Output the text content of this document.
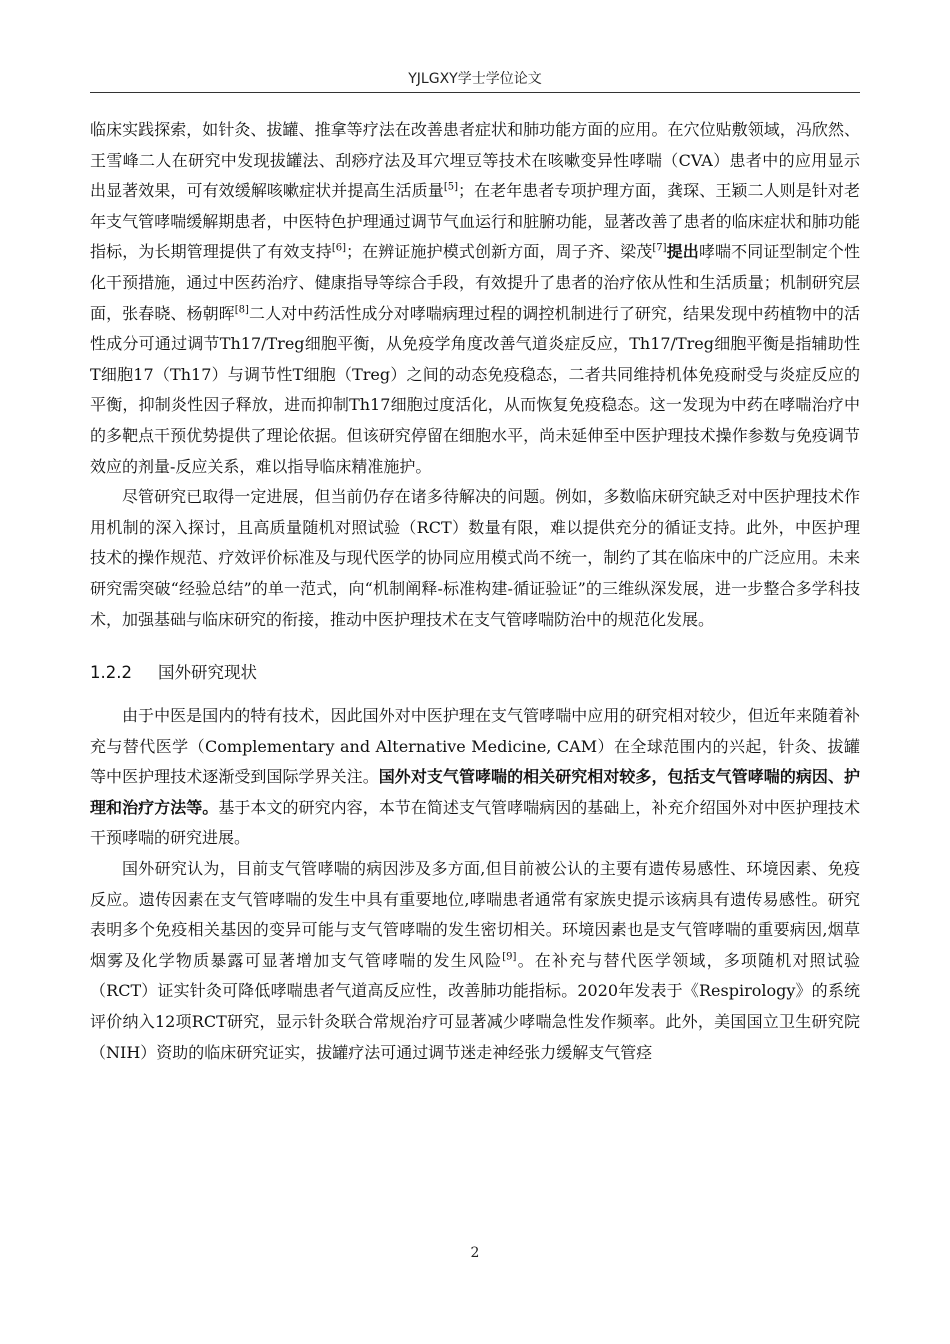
YJLGXY学士学位论文

临床实践探索，如针灸、拔罐、推拿等疗法在改善患者症状和肺功能方面的应用。在穴位贴敷领域，冯欣然、王雪峰二人在研究中发现拔罐法、刮痧疗法及耳穴埋豆等技术在咳嗽变异性哮喘（CVA）患者中的应用显示出显著效果，可有效缓解咳嗽症状并提高生活质量[5]；在老年患者专项护理方面，龚琛、王颖二人则是针对老年支气管哮喘缓解期患者，中医特色护理通过调节气血运行和脏腑功能，显著改善了患者的临床症状和肺功能指标，为长期管理提供了有效支持[6]；在辨证施护模式创新方面，周子齐、梁茂[7]提出哮喘不同证型制定个性化干预措施，通过中医药治疗、健康指导等综合手段，有效提升了患者的治疗依从性和生活质量；机制研究层面，张春晓、杨朝晖[8]二人对中药活性成分对哮喘病理过程的调控机制进行了研究，结果发现中药植物中的活性成分可通过调节Th17/Treg细胞平衡，从免疫学角度改善气道炎症反应，Th17/Treg细胞平衡是指辅助性T细胞17（Th17）与调节性T细胞（Treg）之间的动态免疫稳态，二者共同维持机体免疫耐受与炎症反应的平衡，抑制炎性因子释放，进而抑制Th17细胞过度活化，从而恢复免疫稳态。这一发现为中药在哮喘治疗中的多靶点干预优势提供了理论依据。但该研究停留在细胞水平，尚未延伸至中医护理技术操作参数与免疫调节效应的剂量-反应关系，难以指导临床精准施护。

尽管研究已取得一定进展，但当前仍存在诸多待解决的问题。例如，多数临床研究缺乏对中医护理技术作用机制的深入探讨，且高质量随机对照试验（RCT）数量有限，难以提供充分的循证支持。此外，中医护理技术的操作规范、疗效评价标准及与现代医学的协同应用模式尚不统一，制约了其在临床中的广泛应用。未来研究需突破“经验总结”的单一范式，向“机制阐释-标准构建-循证验证”的三维纵深发展，进一步整合多学科技术，加强基础与临床研究的衔接，推动中医护理技术在支气管哮喘防治中的规范化发展。

1.2.2 国外研究现状

由于中医是国内的特有技术，因此国外对中医护理在支气管哮喘中应用的研究相对较少，但近年来随着补充与替代医学（Complementary and Alternative Medicine, CAM）在全球范围内的兴起，针灸、拔罐等中医护理技术逐渐受到国际学界关注。国外对支气管哮喘的相关研究相对较多，包括支气管哮喘的病因、护理和治疗方法等。基于本文的研究内容，本节在简述支气管哮喘病因的基础上，补充介绍国外对中医护理技术干预哮喘的研究进展。

国外研究认为，目前支气管哮喘的病因涉及多方面,但目前被公认的主要有遗传易感性、环境因素、免疫反应。遗传因素在支气管哮喘的发生中具有重要地位,哮喘患者通常有家族史提示该病具有遗传易感性。研究表明多个免疫相关基因的变异可能与支气管哮喘的发生密切相关。环境因素也是支气管哮喘的重要病因,烟草烟雾及化学物质暴露可显著增加支气管哮喘的发生风险[9]。在补充与替代医学领域，多项随机对照试验（RCT）证实针灸可降低哮喘患者气道高反应性，改善肺功能指标。2020年发表于《Respirology》的系统评价纳入12项RCT研究，显示针灸联合常规治疗可显著减少哮喘急性发作频率。此外，美国国立卫生研究院（NIH）资助的临床研究证实，拔罐疗法可通过调节迷走神经张力缓解支气管痉

2
